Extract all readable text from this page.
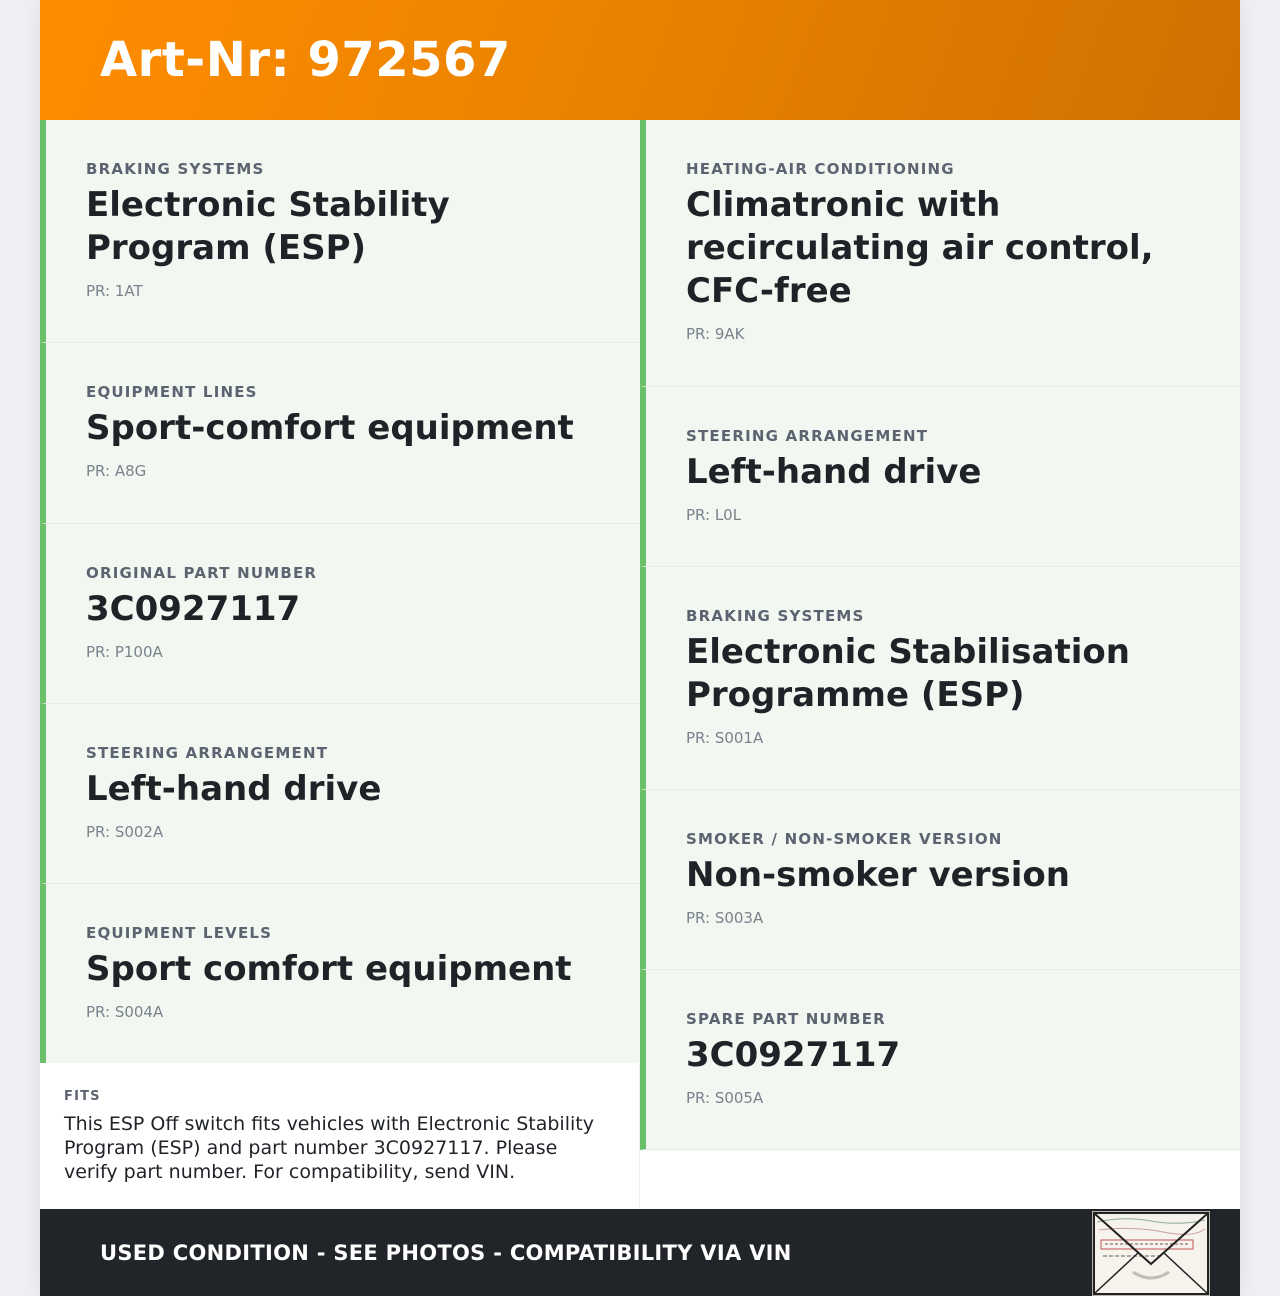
Art-Nr: 972567
BRAKING SYSTEMS
Electronic Stability Program (ESP)
PR: 1AT
EQUIPMENT LINES
Sport-comfort equipment
PR: A8G
ORIGINAL PART NUMBER
3C0927117
PR: P100A
STEERING ARRANGEMENT
Left-hand drive
PR: S002A
EQUIPMENT LEVELS
Sport comfort equipment
PR: S004A
HEATING-AIR CONDITIONING
Climatronic with recirculating air control, CFC-free
PR: 9AK
STEERING ARRANGEMENT
Left-hand drive
PR: L0L
BRAKING SYSTEMS
Electronic Stabilisation Programme (ESP)
PR: S001A
SMOKER / NON-SMOKER VERSION
Non-smoker version
PR: S003A
SPARE PART NUMBER
3C0927117
PR: S005A
FITS
This ESP Off switch fits vehicles with Electronic Stability Program (ESP) and part number 3C0927117. Please verify part number. For compatibility, send VIN.
USED CONDITION - SEE PHOTOS - COMPATIBILITY VIA VIN
